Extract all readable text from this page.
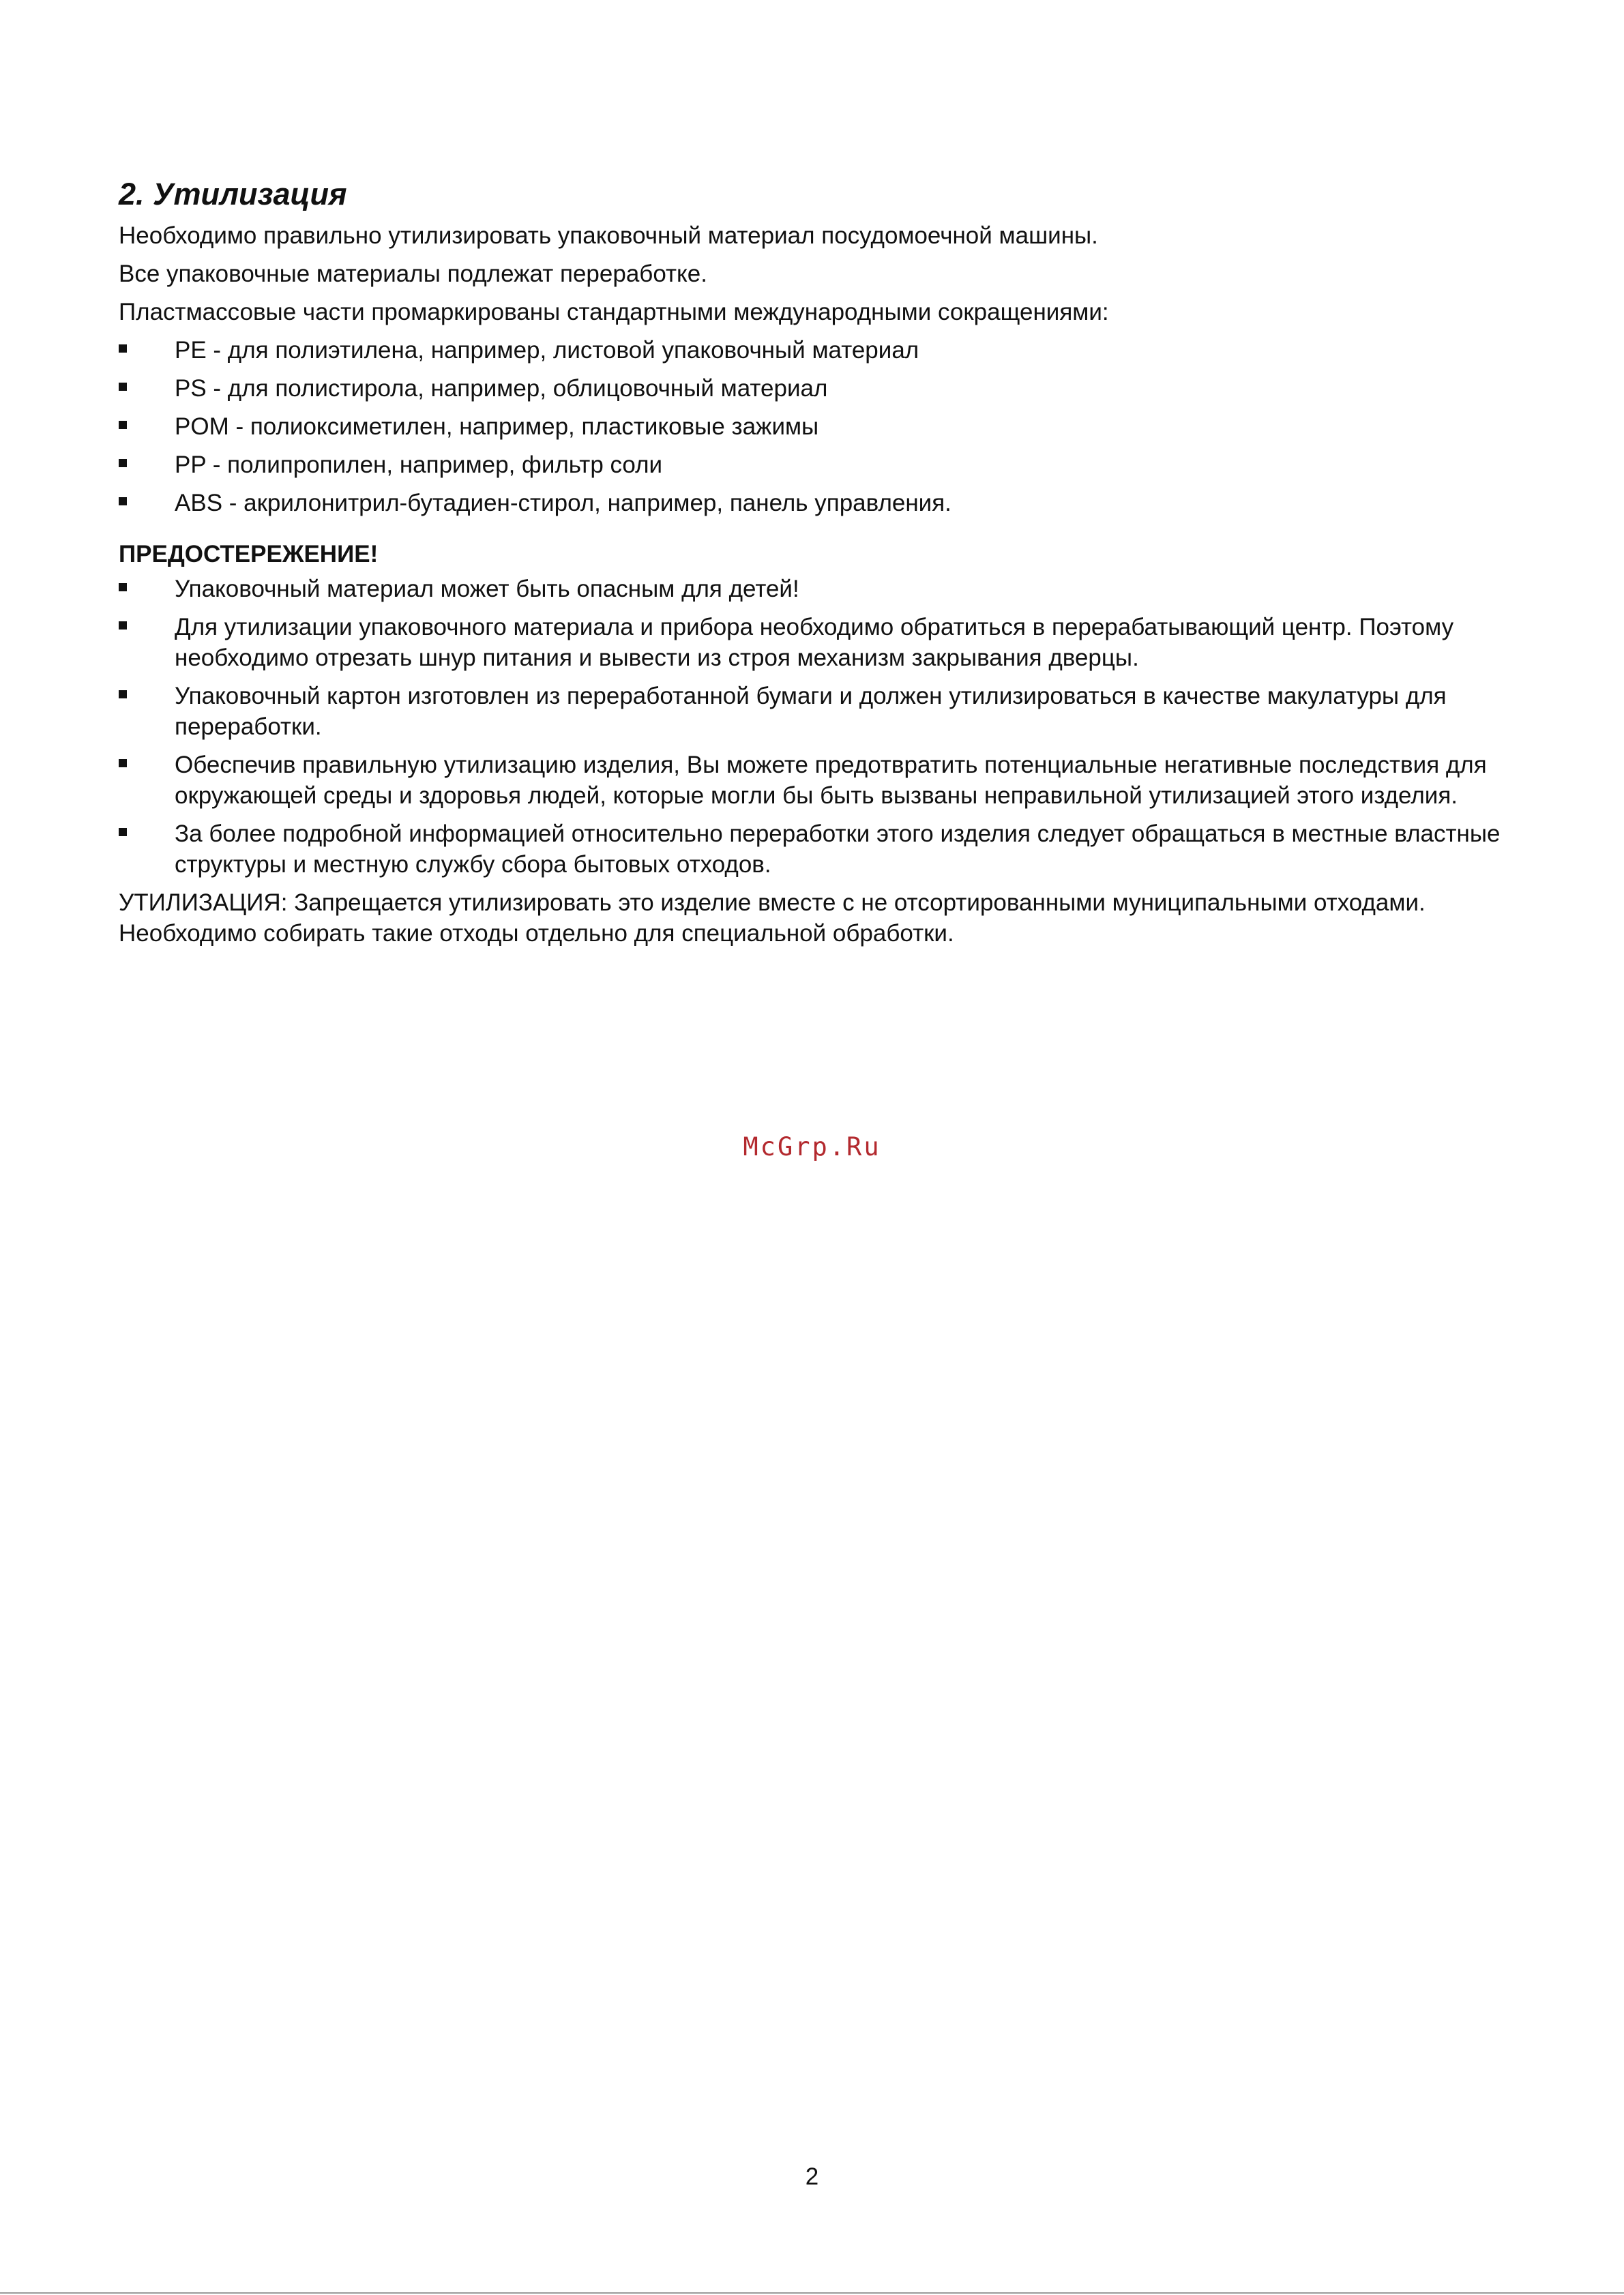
2. Утилизация

Необходимо правильно утилизировать упаковочный материал посудомоечной машины.

Все упаковочные материалы подлежат переработке.

Пластмассовые части промаркированы стандартными международными сокращениями:

PE - для полиэтилена, например, листовой упаковочный материал
PS - для полистирола, например, облицовочный материал
POM - полиоксиметилен, например, пластиковые зажимы
PP - полипропилен, например, фильтр соли
ABS - акрилонитрил-бутадиен-стирол, например, панель управления.

ПРЕДОСТЕРЕЖЕНИЕ!

Упаковочный материал может быть опасным для детей!
Для утилизации упаковочного материала и прибора необходимо обратиться в перерабатывающий центр. Поэтому необходимо отрезать шнур питания и вывести из строя механизм закрывания дверцы.
Упаковочный картон изготовлен из переработанной бумаги и должен утилизироваться в качестве макулатуры для переработки.
Обеспечив правильную утилизацию изделия, Вы можете предотвратить потенциальные негативные последствия для окружающей среды и здоровья людей, которые могли бы быть вызваны неправильной утилизацией этого изделия.
За более подробной информацией относительно переработки этого изделия следует обращаться в местные властные структуры и местную службу сбора бытовых отходов.

УТИЛИЗАЦИЯ: Запрещается утилизировать это изделие вместе с не отсортированными муниципальными отходами.

Необходимо собирать такие отходы отдельно для специальной обработки.

McGrp.Ru
2
